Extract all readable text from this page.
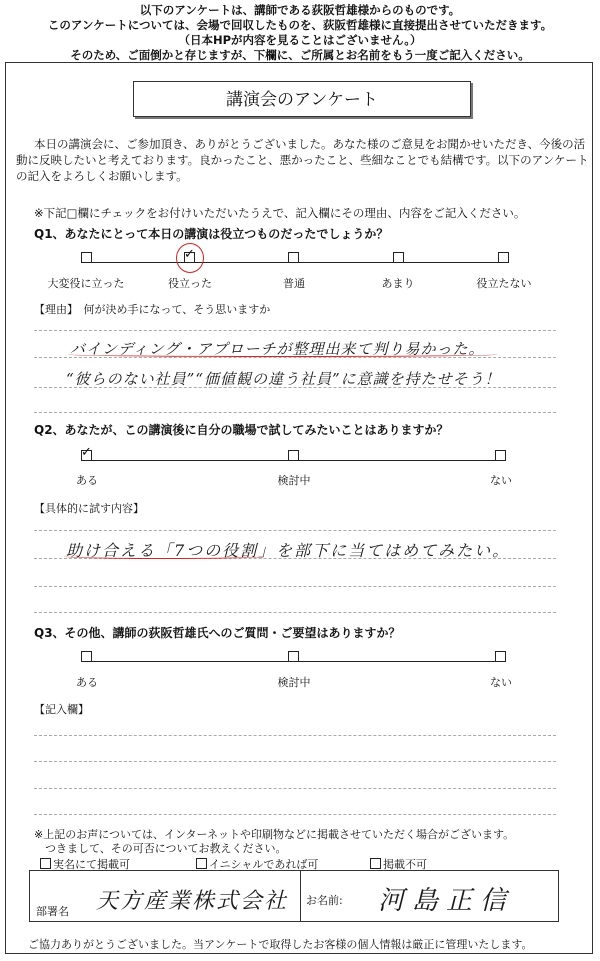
以下のアンケートは、講師である荻阪哲雄様からのものです。
このアンケートについては、会場で回収したものを、荻阪哲雄様に直接提出させていただきます。
（日本HPが内容を見ることはございません。）
そのため、ご面倒かと存じますが、下欄に、ご所属とお名前をもう一度ご記入ください。
講演会のアンケート
本日の講演会に、ご参加頂き、ありがとうございました。あなた様のご意見をお聞かせいただき、今後の活
動に反映したいと考えております。良かったこと、悪かったこと、些細なことでも結構です。以下のアンケート
の記入をよろしくお願いします。
※下記□欄にチェックをお付けいただいたうえで、記入欄にその理由、内容をご記入ください。
Q1、あなたにとって本日の講演は役立つものだったでしょうか？
✓
大変役に立った	役立った	普通	あまり	役立たない
【理由】　何が決め手になって、そう思いますか
バインディング・アプローチが整理出来て判り易かった。
“彼らのない社員”“価値観の違う社員”に意識を持たせそう！
Q2、あなたが、この講演後に自分の職場で試してみたいことはありますか？
✓
ある	検討中	ない
【具体的に試す内容】
助け合える「7つの役割」を部下に当てはめてみたい。
Q3、その他、講師の荻阪哲雄氏へのご質問・ご要望はありますか？
ある	検討中	ない
【記入欄】
※上記のお声については、インターネットや印刷物などに掲載させていただく場合がございます。
　つきまして、その可否についてお教えください。
実名にて掲載可	イニシャルであれば可	掲載不可
部署名 天方産業株式会社 お名前: 河島正信
ご協力ありがとうございました。当アンケートで取得したお客様の個人情報は厳正に管理いたします。
